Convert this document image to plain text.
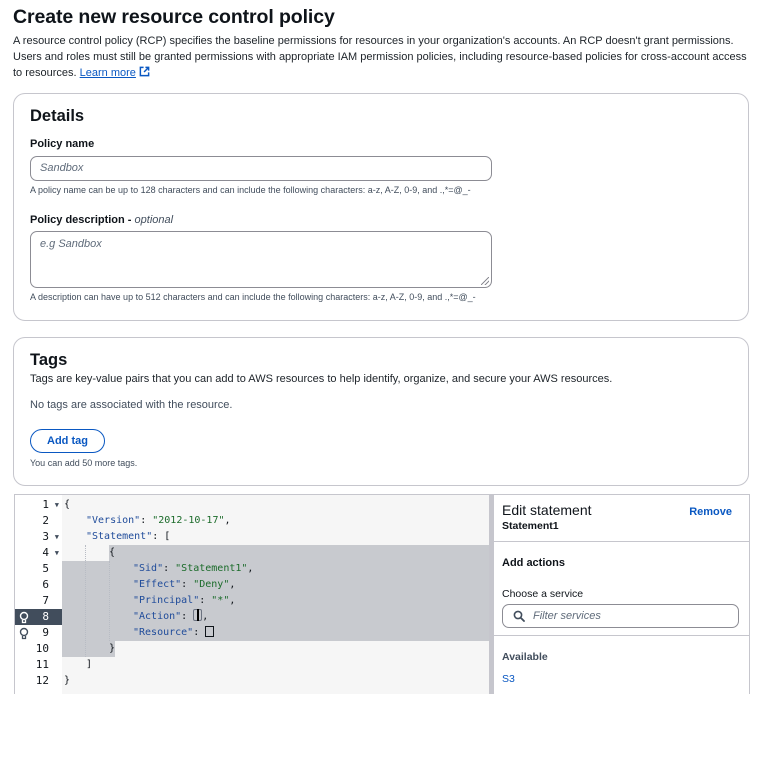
Create new resource control policy

A resource control policy (RCP) specifies the baseline permissions for resources in your organization's accounts. An RCP doesn't grant permissions. Users and roles must still be granted permissions with appropriate IAM permission policies, including resource-based policies for cross-account access to resources. Learn more

Details
Policy name
Sandbox
A policy name can be up to 128 characters and can include the following characters: a-z, A-Z, 0-9, and .,*=@_-
Policy description - optional
e.g Sandbox
A description can have up to 512 characters and can include the following characters: a-z, A-Z, 0-9, and .,*=@_-
Tags
Tags are key-value pairs that you can add to AWS resources to help identify, organize, and secure your AWS resources.
No tags are associated with the resource.
Add tag
You can add 50 more tags.
1 ▼
2
3 ▼
4 ▼
5
6
7
8
9
10
11
12
{
"Version": "2012-10-17",
"Statement": [
{
"Sid": "Statement1",
"Effect": "Deny",
"Principal": "*",
"Action": ,
"Resource":
}
]
}
Edit statement
Statement1
Remove
Add actions
Choose a service
Filter services
Available
S3
